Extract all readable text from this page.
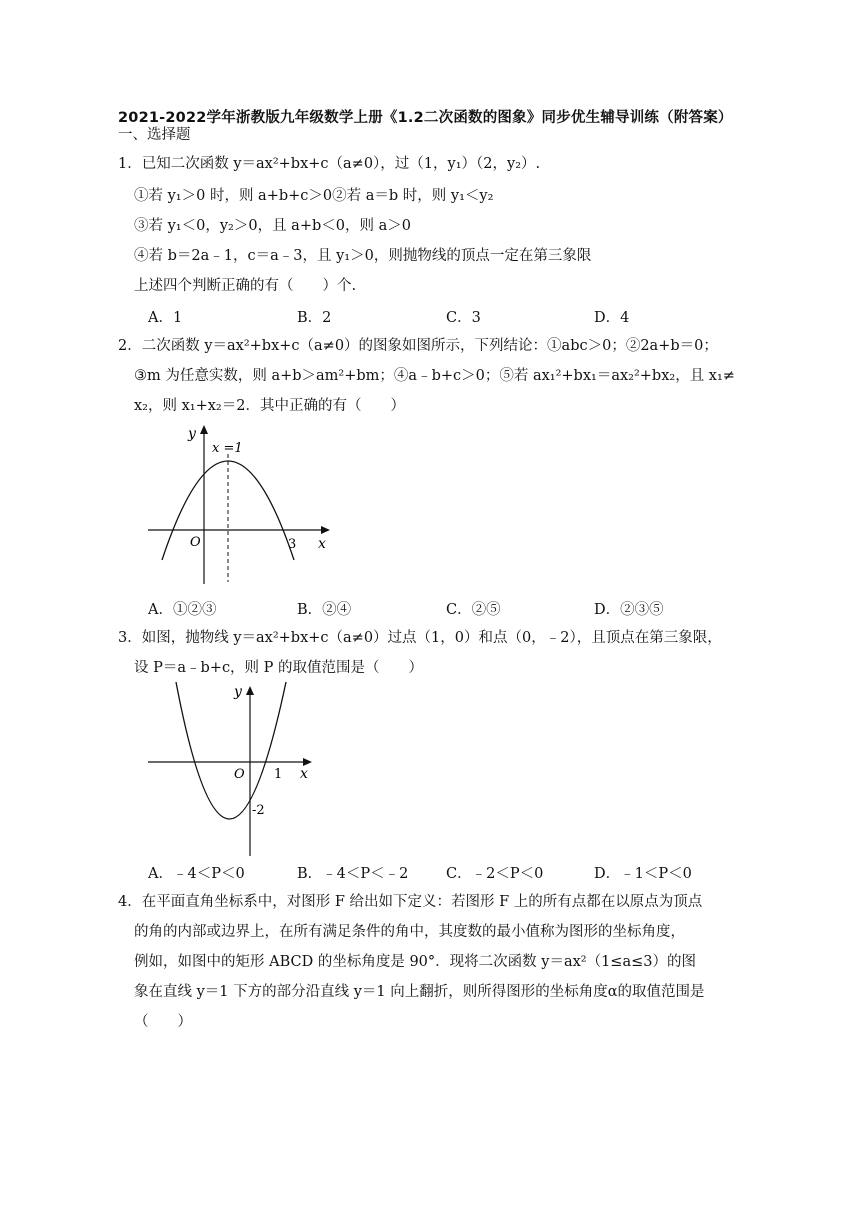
2021-2022学年浙教版九年级数学上册《1.2二次函数的图象》同步优生辅导训练（附答案）
一、选择题
1．已知二次函数 y＝ax²+bx+c（a≠0），过（1，y₁）（2，y₂）.
①若 y₁＞0 时，则 a+b+c＞0②若 a＝b 时，则 y₁＜y₂
③若 y₁＜0，y₂＞0，且 a+b＜0，则 a＞0
④若 b＝2a﹣1，c＝a﹣3，且 y₁＞0，则抛物线的顶点一定在第三象限
上述四个判断正确的有（　　）个.
A．1	B．2	C．3	D．4
2．二次函数 y＝ax²+bx+c（a≠0）的图象如图所示，下列结论：①abc＞0；②2a+b＝0；
③m 为任意实数，则 a+b＞am²+bm；④a﹣b+c＞0；⑤若 ax₁²+bx₁＝ax₂²+bx₂，且 x₁≠
x₂，则 x₁+x₂＝2．其中正确的有（　　）
y
x
O
x =1
3
A．①②③	B．②④	C．②⑤	D．②③⑤
3．如图，抛物线 y＝ax²+bx+c（a≠0）过点（1，0）和点（0，﹣2），且顶点在第三象限，
设 P＝a﹣b+c，则 P 的取值范围是（　　）
y
x
O 1
-2
A．﹣4＜P＜0	B．﹣4＜P＜﹣2	C．﹣2＜P＜0	D．﹣1＜P＜0
4．在平面直角坐标系中，对图形 F 给出如下定义：若图形 F 上的所有点都在以原点为顶点
的角的内部或边界上，在所有满足条件的角中，其度数的最小值称为图形的坐标角度，
例如，如图中的矩形 ABCD 的坐标角度是 90°．现将二次函数 y＝ax²（1≤a≤3）的图
象在直线 y＝1 下方的部分沿直线 y＝1 向上翻折，则所得图形的坐标角度α的取值范围是
（　　）
